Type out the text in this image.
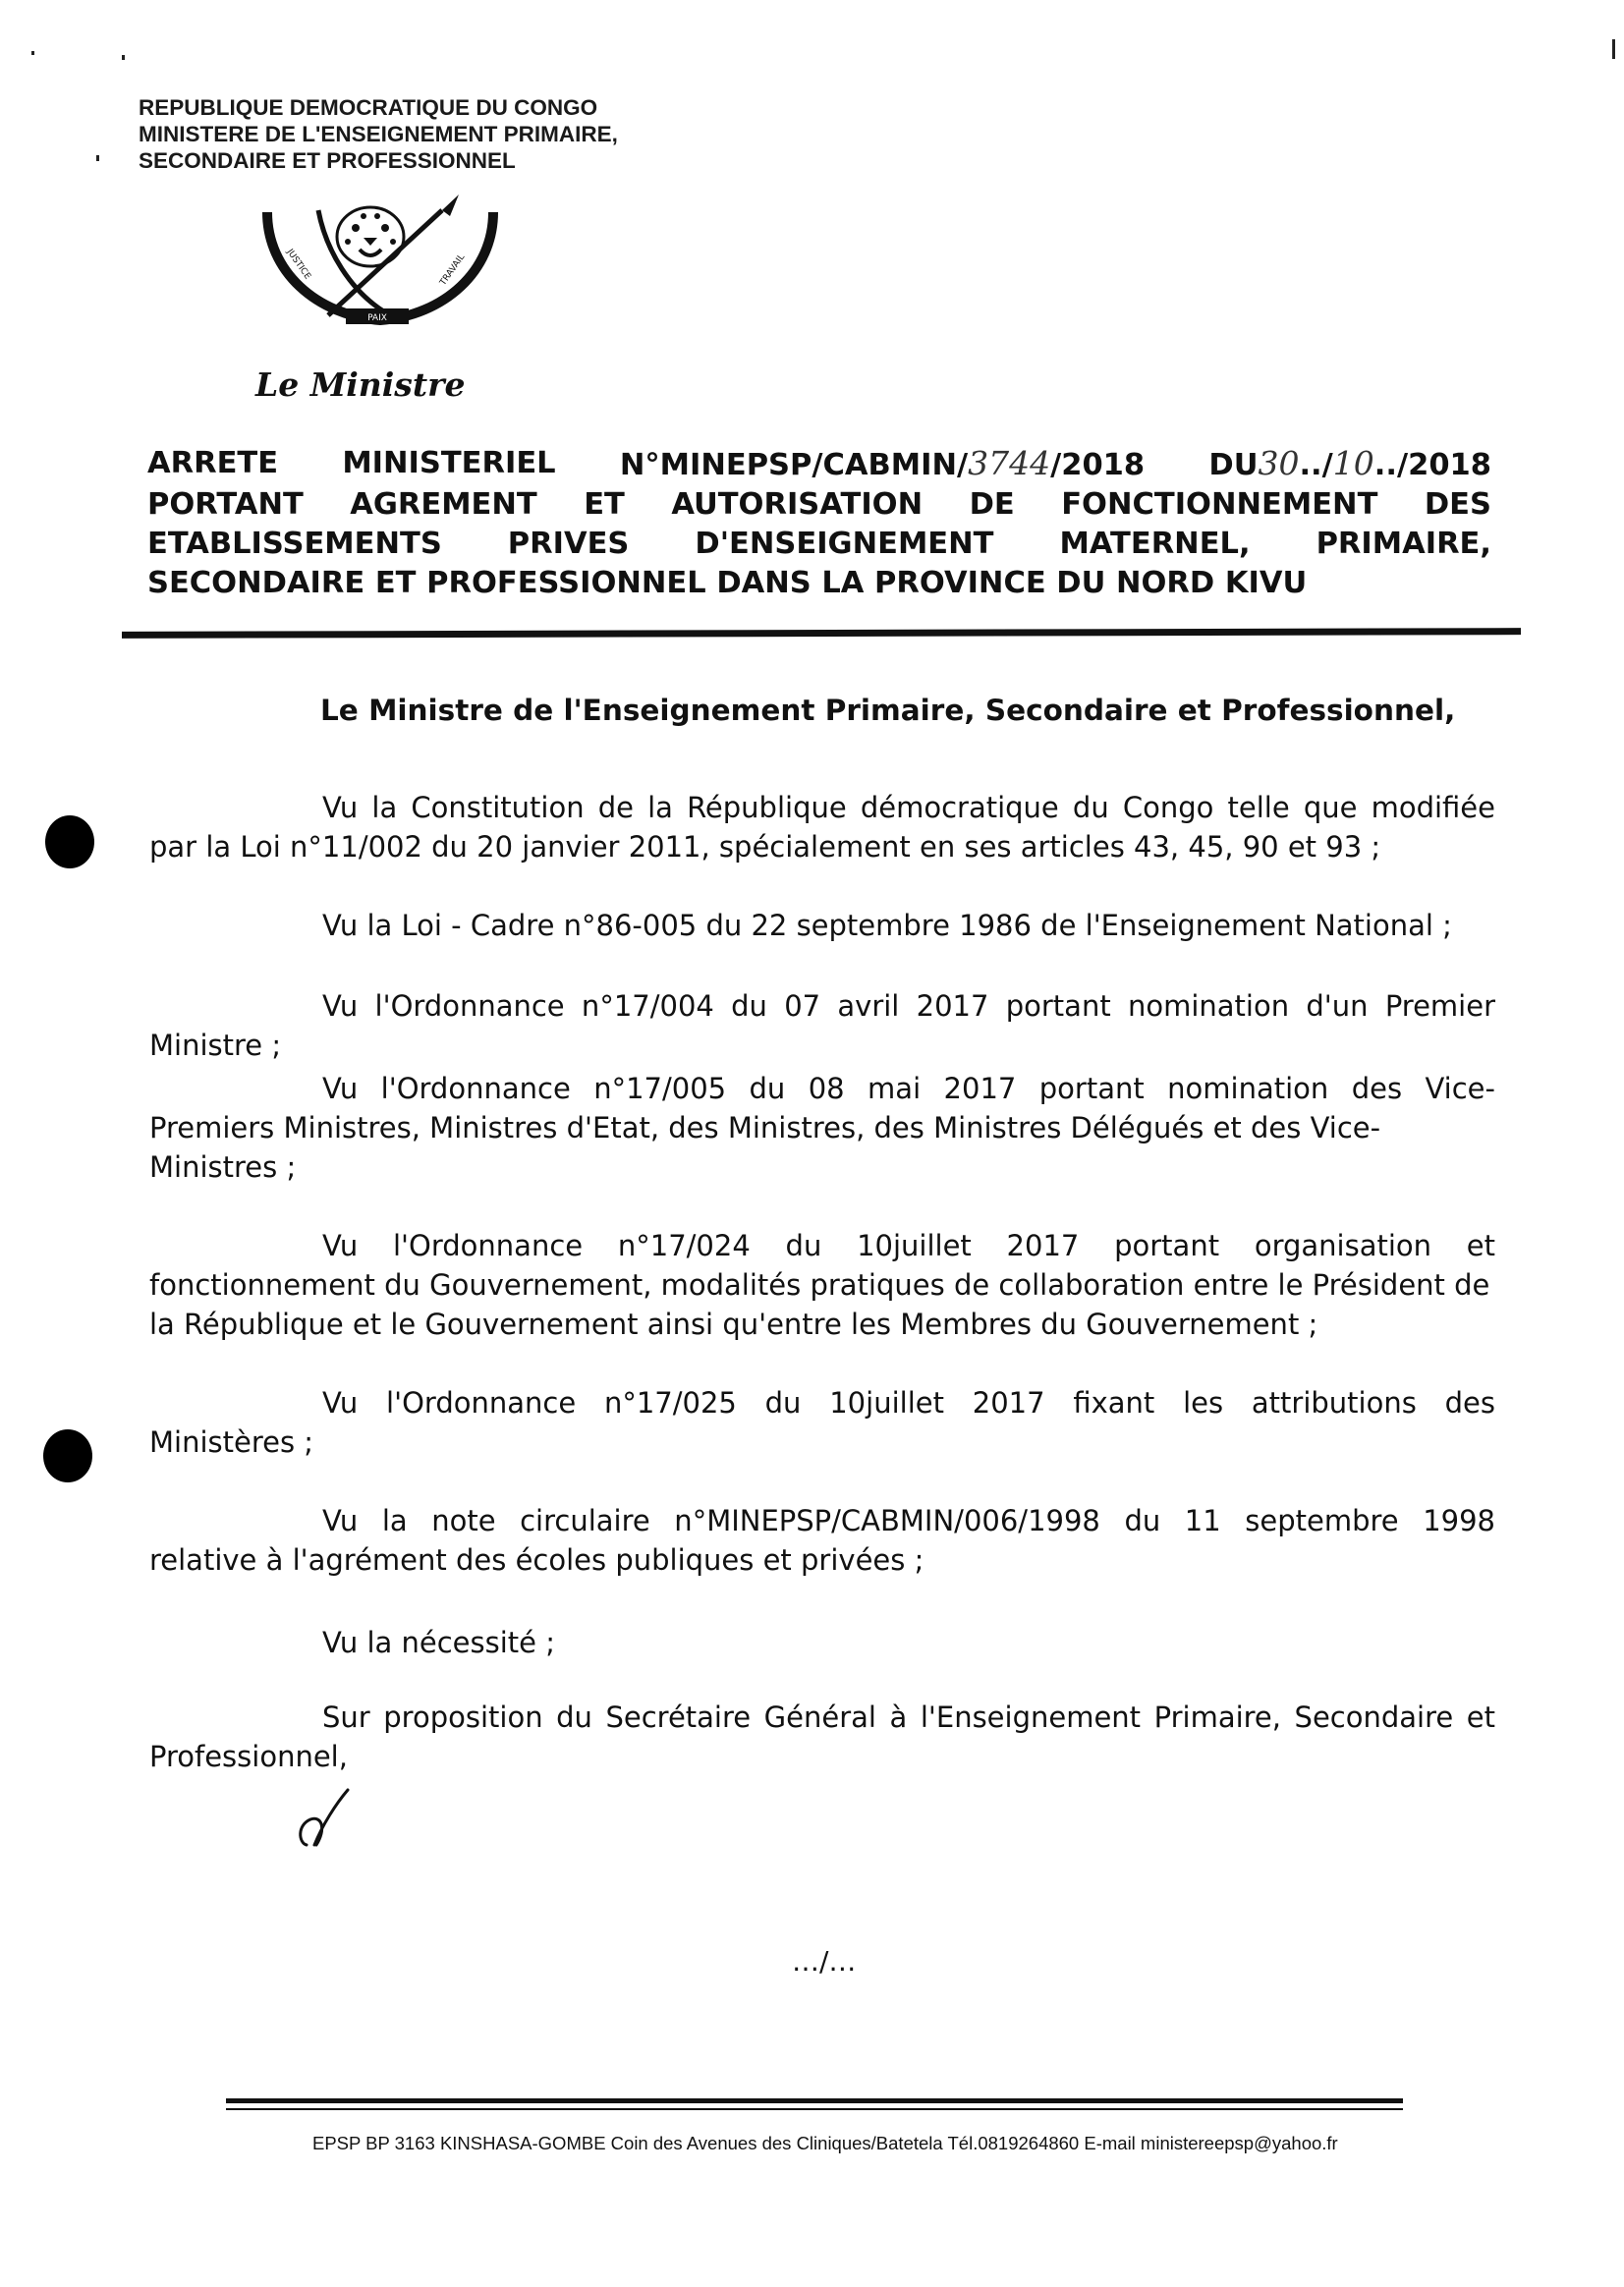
REPUBLIQUE DEMOCRATIQUE DU CONGO
MINISTERE DE L'ENSEIGNEMENT PRIMAIRE,
SECONDAIRE ET PROFESSIONNEL
PAIX
JUSTICE	TRAVAIL
Le Ministre
ARRETE MINISTERIEL N°MINEPSP/CABMIN/3744/2018 DU30../10../2018
PORTANT AGREMENT ET AUTORISATION DE FONCTIONNEMENT DES
ETABLISSEMENTS PRIVES D'ENSEIGNEMENT MATERNEL, PRIMAIRE,
SECONDAIRE ET PROFESSIONNEL DANS LA PROVINCE DU NORD KIVU
Le Ministre de l'Enseignement Primaire, Secondaire et Professionnel,
Vu la Constitution de la République démocratique du Congo telle que modifiée
par la Loi n°11/002 du 20 janvier 2011, spécialement en ses articles 43, 45, 90 et 93 ;
Vu la Loi - Cadre n°86-005 du 22 septembre 1986 de l'Enseignement National ;
Vu l'Ordonnance n°17/004 du 07 avril 2017 portant nomination d'un Premier
Ministre ;
Vu l'Ordonnance n°17/005 du 08 mai 2017 portant nomination des Vice-
Premiers Ministres, Ministres d'Etat, des Ministres, des Ministres Délégués et des Vice-Ministres ;
Vu l'Ordonnance n°17/024 du 10juillet 2017 portant organisation et
fonctionnement du Gouvernement, modalités pratiques de collaboration entre le Président de la République et le Gouvernement ainsi qu'entre les Membres du Gouvernement ;
Vu l'Ordonnance n°17/025 du 10juillet 2017 fixant les attributions des
Ministères ;
Vu la note circulaire n°MINEPSP/CABMIN/006/1998 du 11 septembre 1998
relative à l'agrément des écoles publiques et privées ;
Vu la nécessité ;
Sur proposition du Secrétaire Général à l'Enseignement Primaire, Secondaire et
Professionnel,
…/…
EPSP BP 3163 KINSHASA-GOMBE Coin des Avenues des Cliniques/Batetela Tél.0819264860 E-mail ministereepsp@yahoo.fr
